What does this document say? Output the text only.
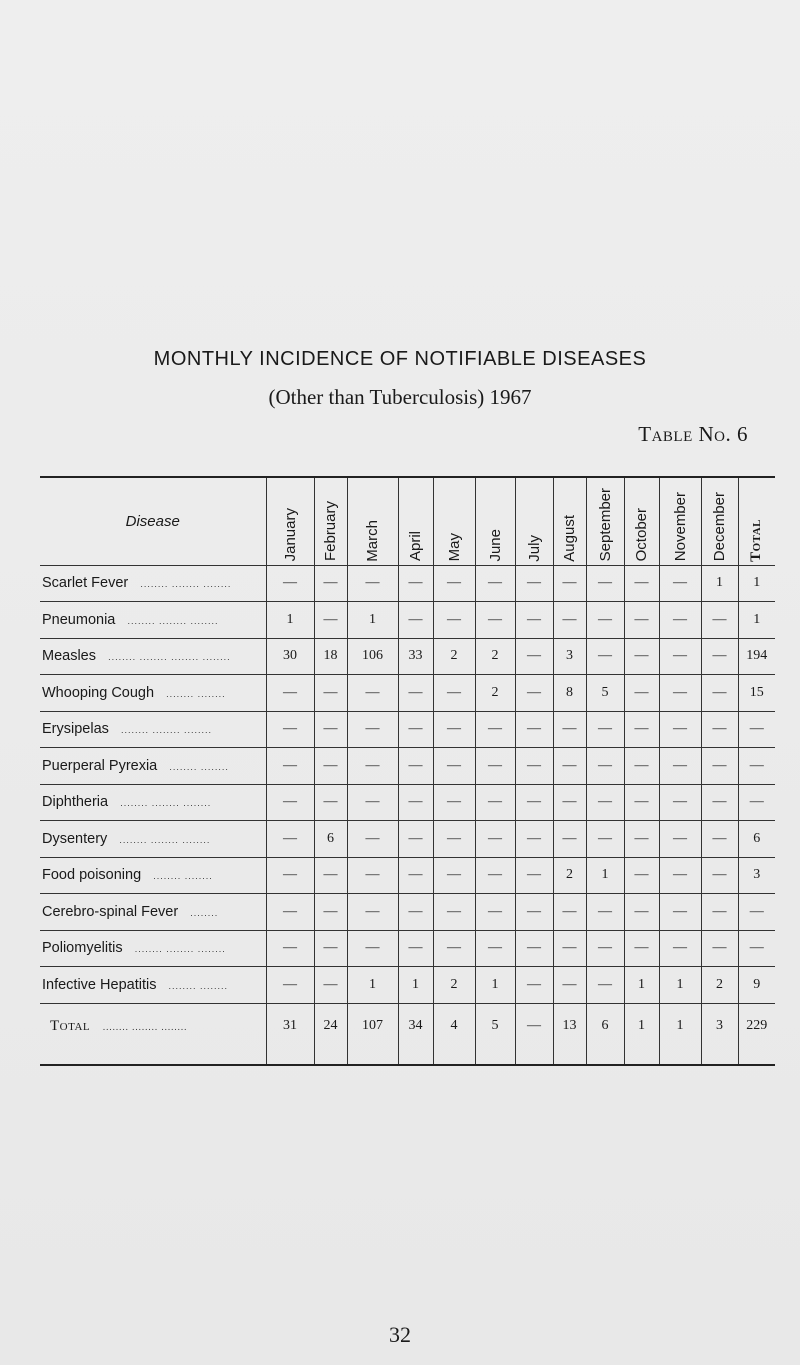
MONTHLY INCIDENCE OF NOTIFIABLE DISEASES
(Other than Tuberculosis) 1967
Table No. 6
Disease	January	February	March	April	May	June	July	August	September	October	November	December	Total
Scarlet Fever ........ ........ ........	—	—	—	—	—	—	—	—	—	—	—	1	1
Pneumonia ........ ........ ........	1	—	1	—	—	—	—	—	—	—	—	—	1
Measles ........ ........ ........ ........	30	18	106	33	2	2	—	3	—	—	—	—	194
Whooping Cough ........ ........	—	—	—	—	—	2	—	8	5	—	—	—	15
Erysipelas ........ ........ ........	—	—	—	—	—	—	—	—	—	—	—	—	—
Puerperal Pyrexia ........ ........	—	—	—	—	—	—	—	—	—	—	—	—	—
Diphtheria ........ ........ ........	—	—	—	—	—	—	—	—	—	—	—	—	—
Dysentery ........ ........ ........	—	6	—	—	—	—	—	—	—	—	—	—	6
Food poisoning ........ ........	—	—	—	—	—	—	—	2	1	—	—	—	3
Cerebro-spinal Fever ........	—	—	—	—	—	—	—	—	—	—	—	—	—
Poliomyelitis ........ ........ ........	—	—	—	—	—	—	—	—	—	—	—	—	—
Infective Hepatitis ........ ........	—	—	1	1	2	1	—	—	—	1	1	2	9
Total ........ ........ ........	31	24	107	34	4	5	—	13	6	1	1	3	229
32
